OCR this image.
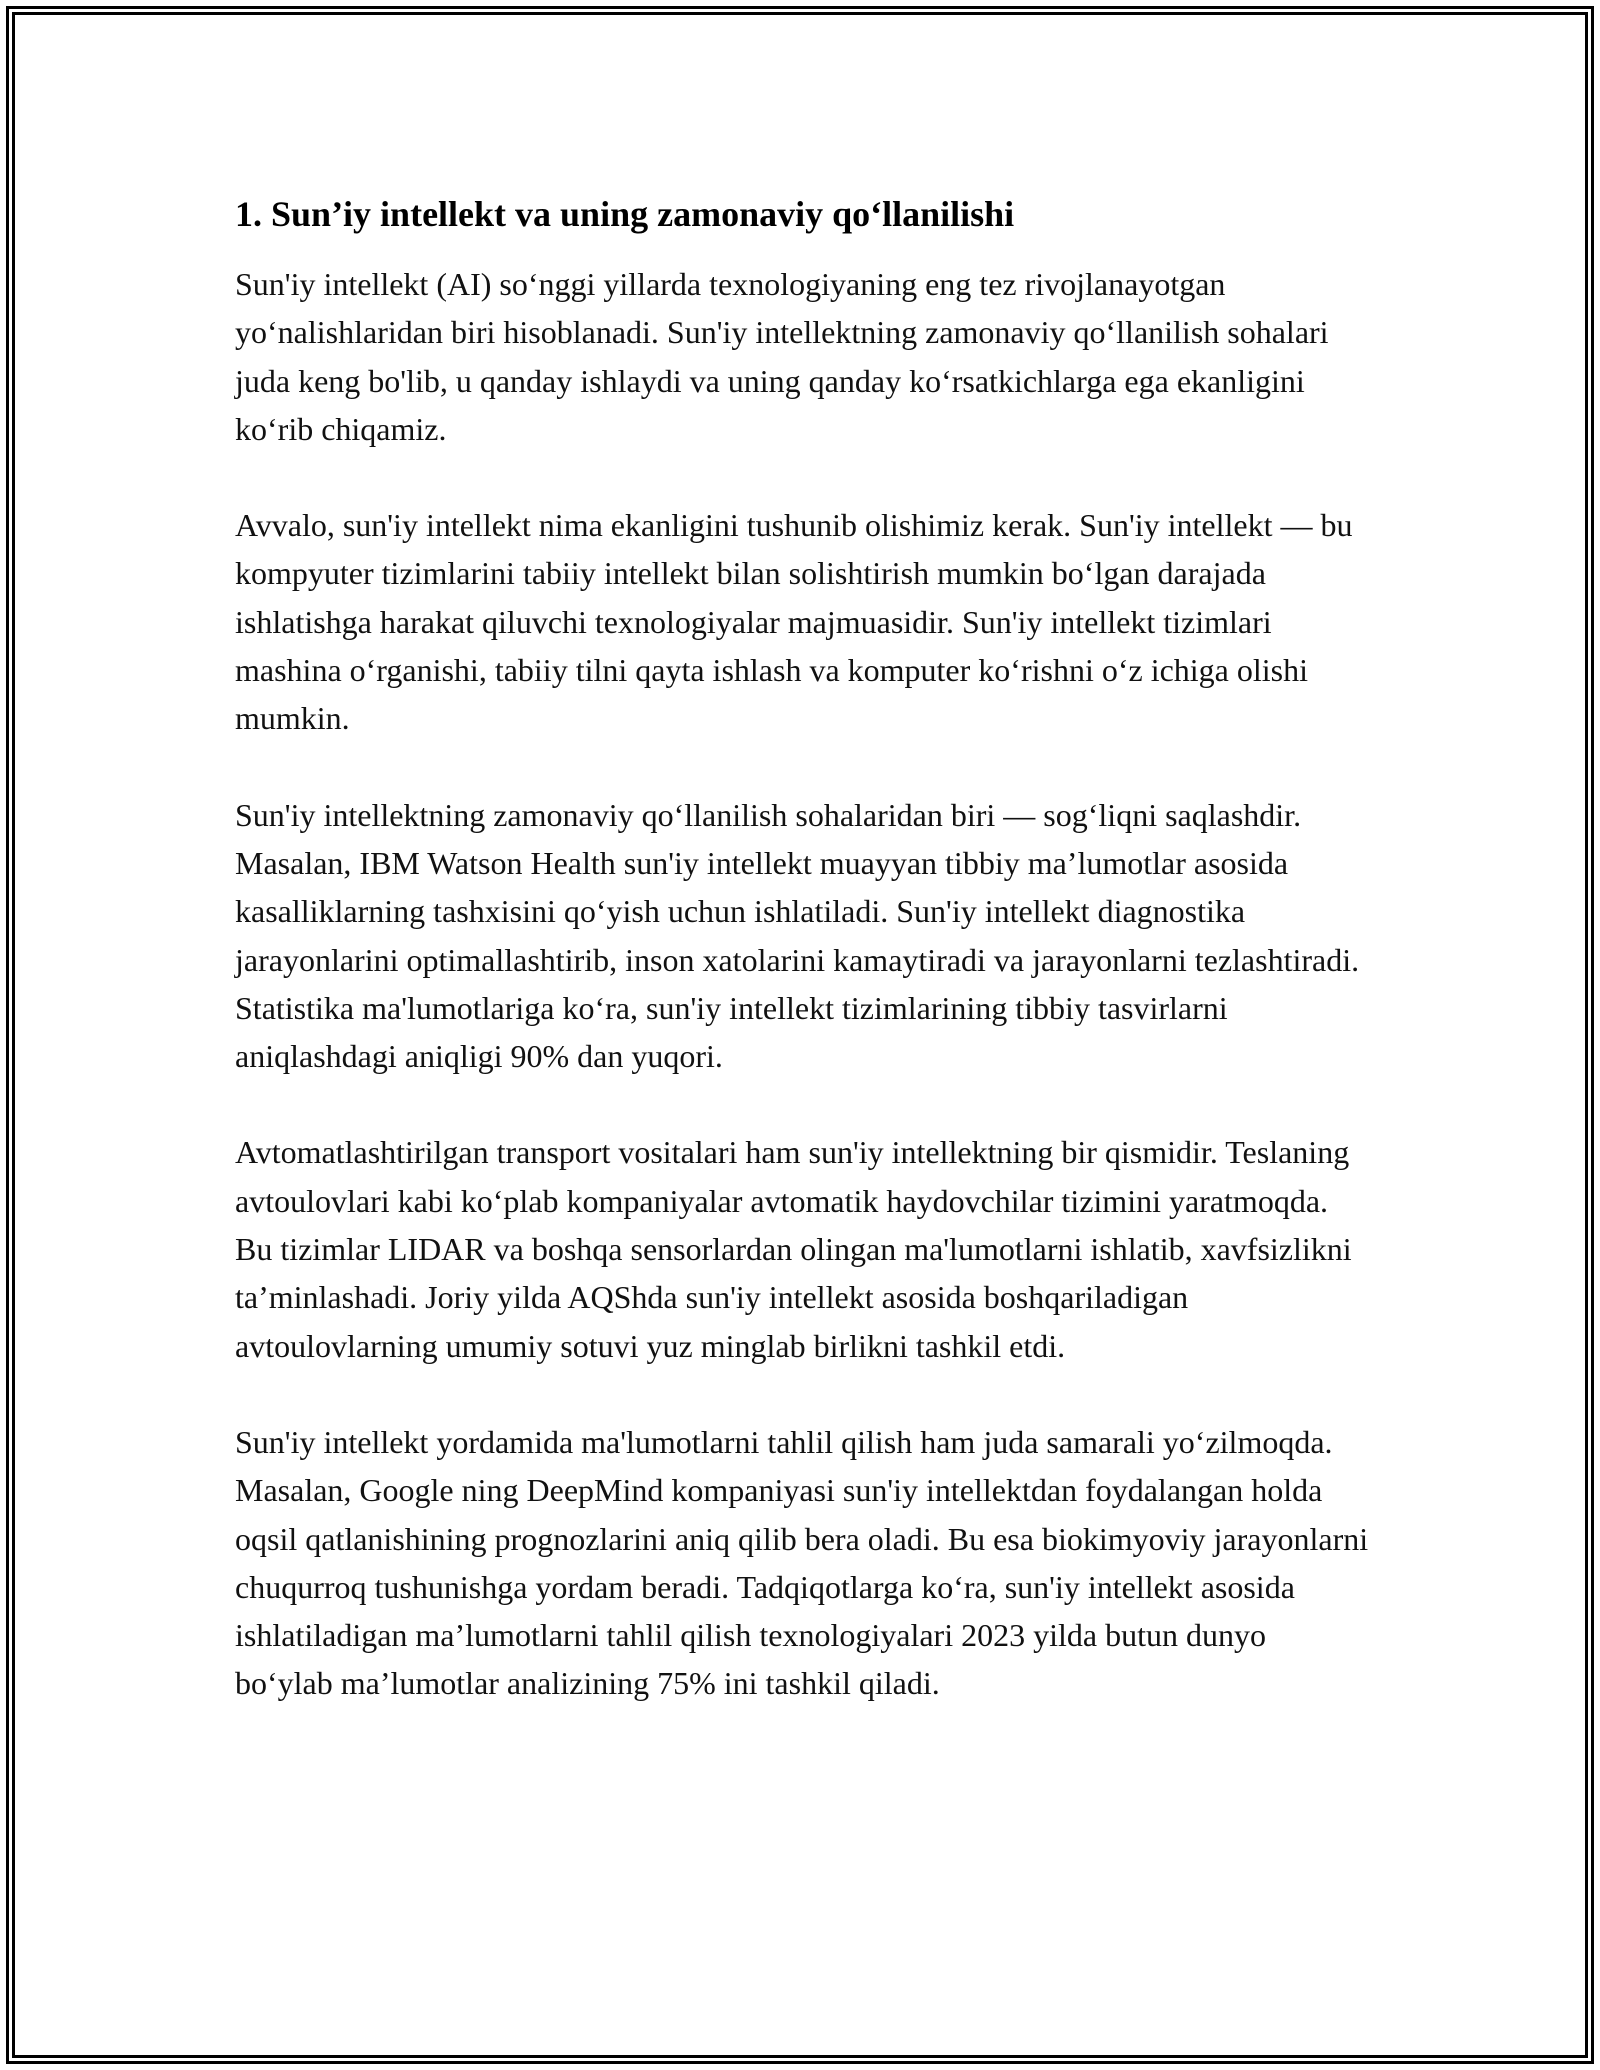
1. Sun’iy intellekt va uning zamonaviy qo‘llanilishi

Sun'iy intellekt (AI) so‘nggi yillarda texnologiyaning eng tez rivojlanayotgan yo‘nalishlaridan biri hisoblanadi. Sun'iy intellektning zamonaviy qo‘llanilish sohalari juda keng bo'lib, u qanday ishlaydi va uning qanday ko‘rsatkichlarga ega ekanligini ko‘rib chiqamiz.

Avvalo, sun'iy intellekt nima ekanligini tushunib olishimiz kerak. Sun'iy intellekt — bu kompyuter tizimlarini tabiiy intellekt bilan solishtirish mumkin bo‘lgan darajada ishlatishga harakat qiluvchi texnologiyalar majmuasidir. Sun'iy intellekt tizimlari mashina o‘rganishi, tabiiy tilni qayta ishlash va komputer ko‘rishni o‘z ichiga olishi mumkin.

Sun'iy intellektning zamonaviy qo‘llanilish sohalaridan biri — sog‘liqni saqlashdir. Masalan, IBM Watson Health sun'iy intellekt muayyan tibbiy ma’lumotlar asosida kasalliklarning tashxisini qo‘yish uchun ishlatiladi. Sun'iy intellekt diagnostika jarayonlarini optimallashtirib, inson xatolarini kamaytiradi va jarayonlarni tezlashtiradi. Statistika ma'lumotlariga ko‘ra, sun'iy intellekt tizimlarining tibbiy tasvirlarni aniqlashdagi aniqligi 90% dan yuqori.

Avtomatlashtirilgan transport vositalari ham sun'iy intellektning bir qismidir. Teslaning avtoulovlari kabi ko‘plab kompaniyalar avtomatik haydovchilar tizimini yaratmoqda. Bu tizimlar LIDAR va boshqa sensorlardan olingan ma'lumotlarni ishlatib, xavfsizlikni ta’minlashadi. Joriy yilda AQShda sun'iy intellekt asosida boshqariladigan avtoulovlarning umumiy sotuvi yuz minglab birlikni tashkil etdi.

Sun'iy intellekt yordamida ma'lumotlarni tahlil qilish ham juda samarali yo‘zilmoqda. Masalan, Google ning DeepMind kompaniyasi sun'iy intellektdan foydalangan holda oqsil qatlanishining prognozlarini aniq qilib bera oladi. Bu esa biokimyoviy jarayonlarni chuqurroq tushunishga yordam beradi. Tadqiqotlarga ko‘ra, sun'iy intellekt asosida ishlatiladigan ma’lumotlarni tahlil qilish texnologiyalari 2023 yilda butun dunyo bo‘ylab ma’lumotlar analizining 75% ini tashkil qiladi.
